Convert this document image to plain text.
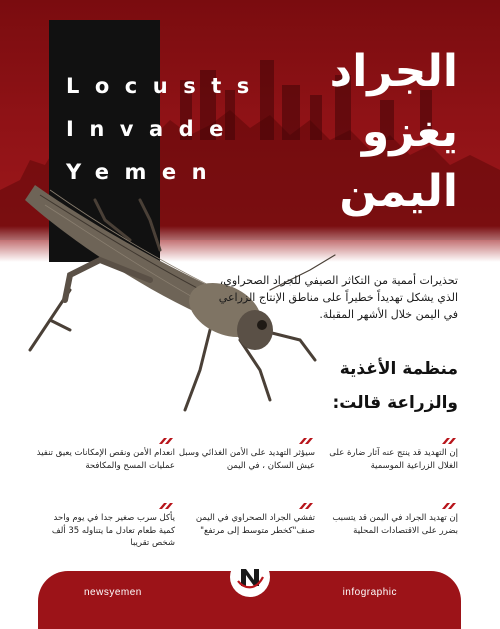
Locusts
Invade
Yemen
الجراد
يغزو
اليمن

تحذيرات أممية من التكاثر الصيفي للجراد الصحراوي، الذي يشكل تهديداً خطيراً على مناطق الإنتاج الزراعي في اليمن خلال الأشهر المقبلة.

منظمة الأغذية
والزراعة قالت:

إن التهديد قد ينتج عنه آثار ضارة على الغلال الزراعية الموسمية

سيؤثر التهديد على الأمن الغذائي وسبل عيش السكان ، في اليمن

انعدام الأمن ونقص الإمكانات يعيق تنفيذ عمليات المسح والمكافحة

إن تهديد الجراد في اليمن قد يتسبب بضرر على الاقتصادات المحلية

تفشي الجراد الصحراوي في اليمن صنف"كخطر متوسط إلى مرتفع"

يأكل سرب صغير جدا في يوم واحد كمية طعام تعادل ما يتناوله 35 ألف شخص تقريبا

newsyemen	infographic
